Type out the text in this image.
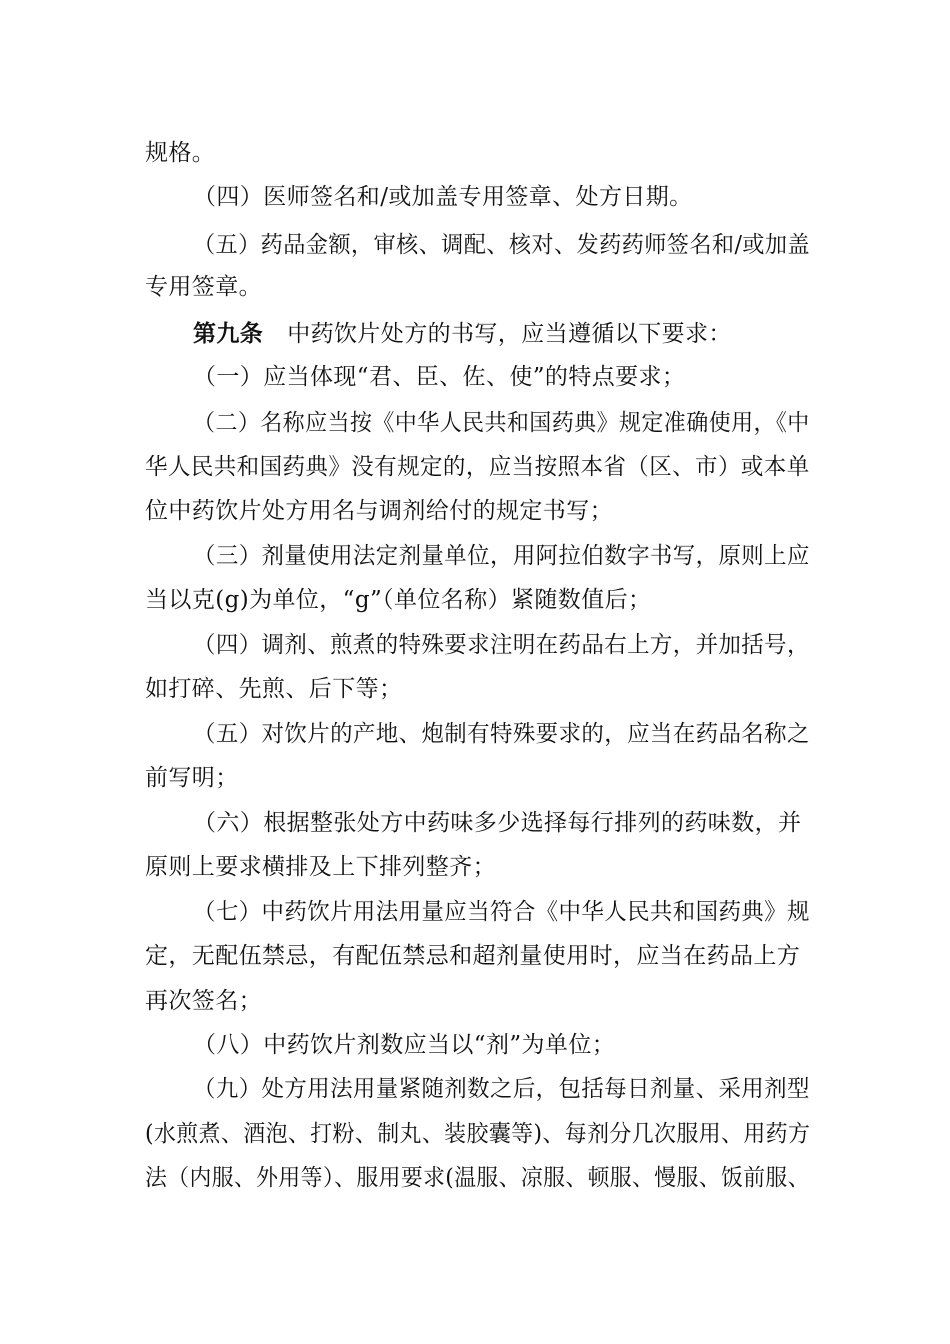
规格。
（四）医师签名和/或加盖专用签章、处方日期。
（五）药品金额，审核、调配、核对、发药药师签名和/或加盖
专用签章。
第九条 中药饮片处方的书写，应当遵循以下要求：
（一）应当体现“君、臣、佐、使”的特点要求；
（二）名称应当按《中华人民共和国药典》规定准确使用，《中
华人民共和国药典》没有规定的，应当按照本省（区、市）或本单
位中药饮片处方用名与调剂给付的规定书写；
（三）剂量使用法定剂量单位，用阿拉伯数字书写，原则上应
当以克(g)为单位，“g”（单位名称）紧随数值后；
（四）调剂、煎煮的特殊要求注明在药品右上方，并加括号，
如打碎、先煎、后下等；
（五）对饮片的产地、炮制有特殊要求的，应当在药品名称之
前写明；
（六）根据整张处方中药味多少选择每行排列的药味数，并
原则上要求横排及上下排列整齐；
（七）中药饮片用法用量应当符合《中华人民共和国药典》规
定，无配伍禁忌，有配伍禁忌和超剂量使用时，应当在药品上方
再次签名；
（八）中药饮片剂数应当以“剂”为单位；
（九）处方用法用量紧随剂数之后，包括每日剂量、采用剂型
(水煎煮、酒泡、打粉、制丸、装胶囊等)、每剂分几次服用、用药方
法（内服、外用等）、服用要求(温服、凉服、顿服、慢服、饭前服、
